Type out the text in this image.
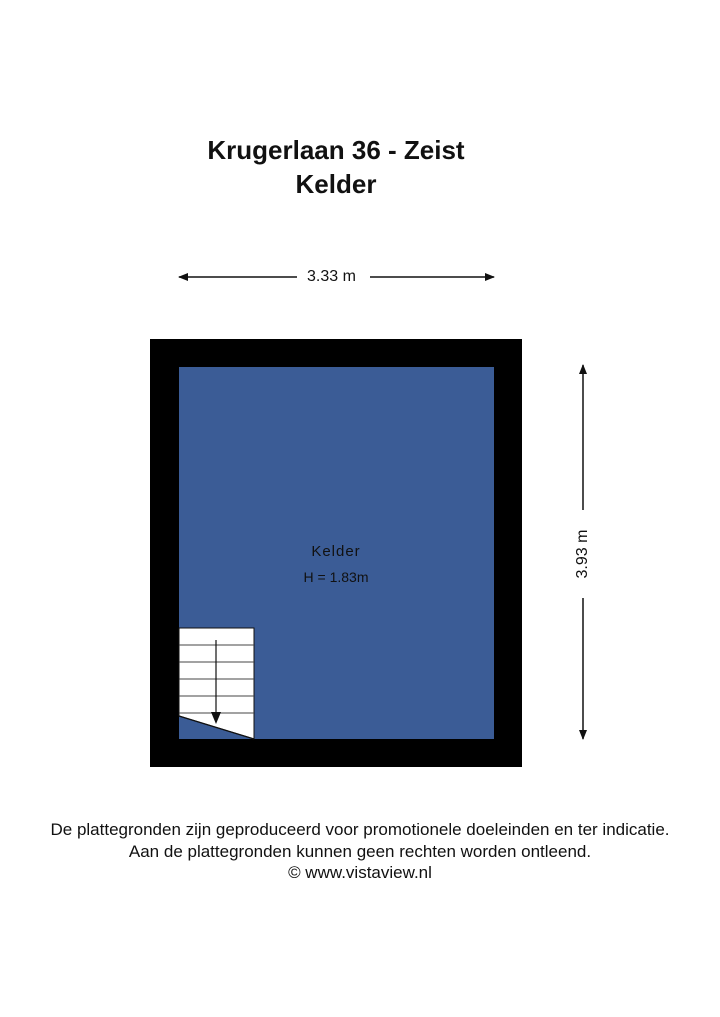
Krugerlaan 36 - Zeist
Kelder
3.33 m
3.93 m
Kelder
H = 1.83m
De plattegronden zijn geproduceerd voor promotionele doeleinden en ter indicatie.
Aan de plattegronden kunnen geen rechten worden ontleend.
© www.vistaview.nl
